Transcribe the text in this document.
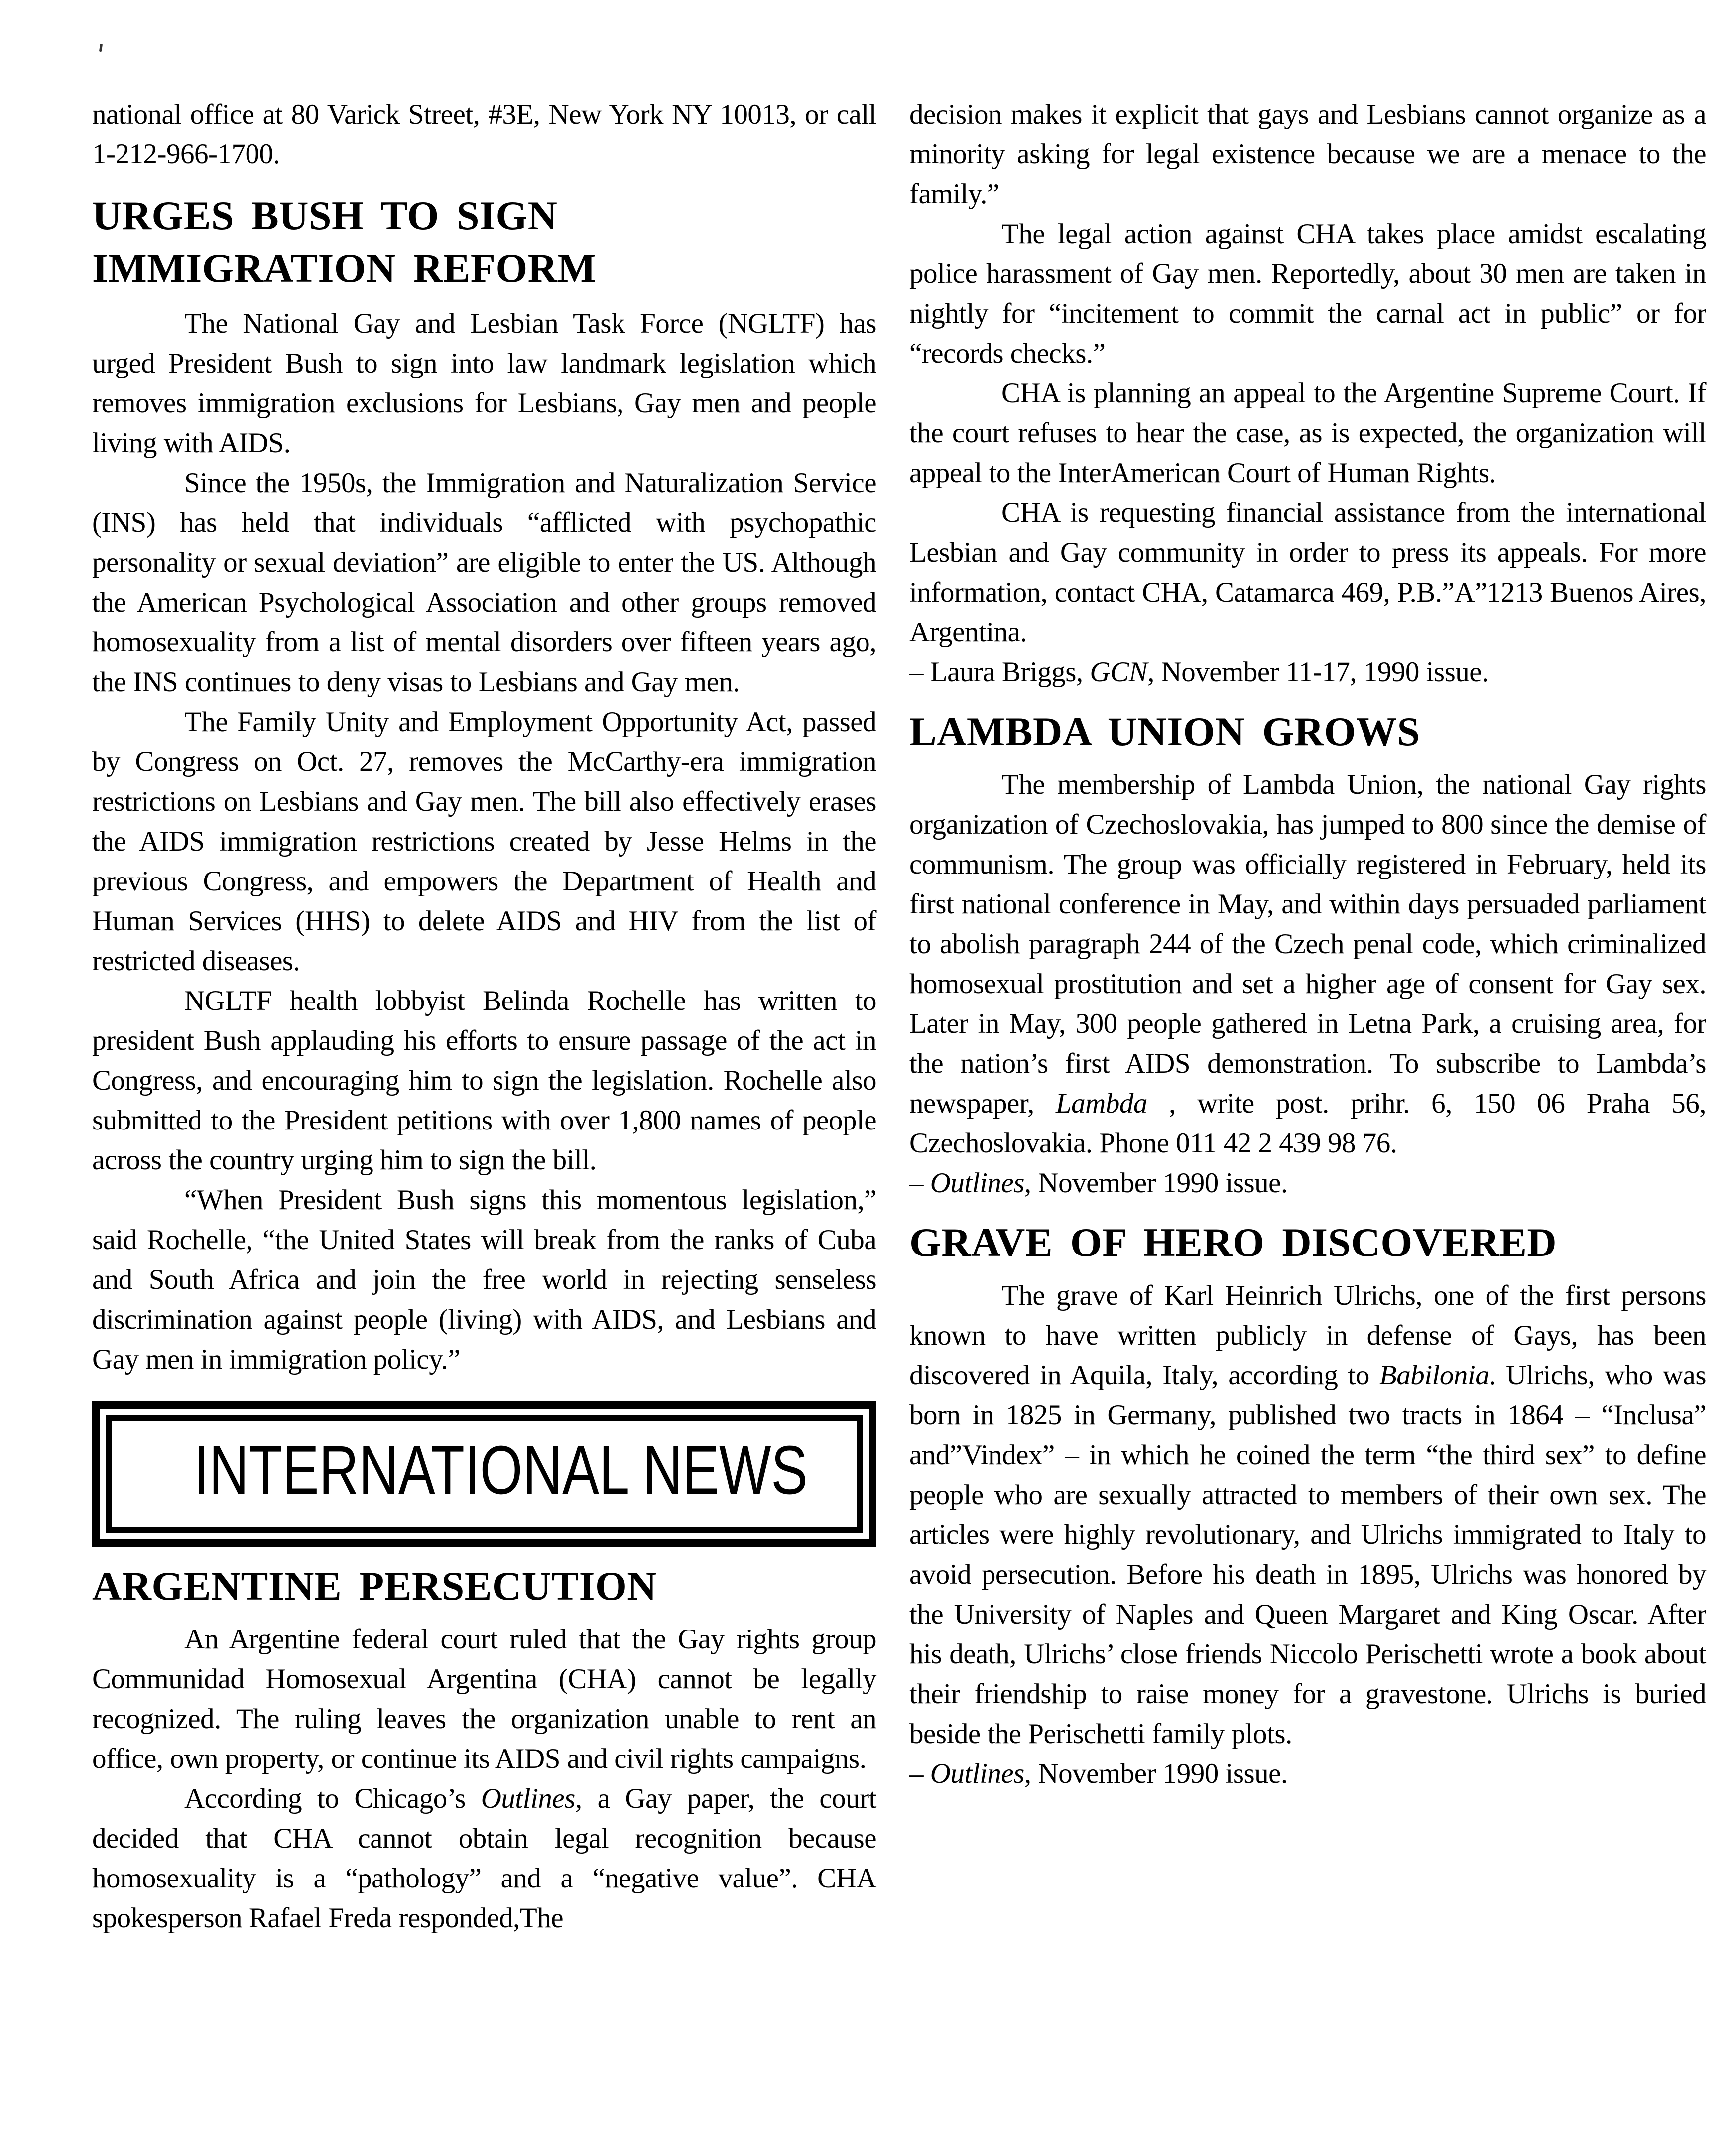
national office at 80 Varick Street, #3E, New York NY 10013, or call 1-212-966-1700.

URGES BUSH TO SIGN
IMMIGRATION REFORM

The National Gay and Lesbian Task Force (NGLTF) has urged President Bush to sign into law landmark legislation which removes immigration exclusions for Lesbians, Gay men and people living with AIDS.

Since the 1950s, the Immigration and Naturalization Service (INS) has held that individuals “afflicted with psychopathic personality or sexual deviation” are eligible to enter the US. Although the American Psychological Association and other groups removed homosexuality from a list of mental disorders over fifteen years ago, the INS continues to deny visas to Lesbians and Gay men.

The Family Unity and Employment Opportunity Act, passed by Congress on Oct. 27, removes the McCarthy-era immigration restrictions on Lesbians and Gay men. The bill also effectively erases the AIDS immigration restrictions created by Jesse Helms in the previous Congress, and empowers the Department of Health and Human Services (HHS) to delete AIDS and HIV from the list of restricted diseases.

NGLTF health lobbyist Belinda Rochelle has written to president Bush applauding his efforts to ensure passage of the act in Congress, and encouraging him to sign the legislation. Rochelle also submitted to the President petitions with over 1,800 names of people across the country urging him to sign the bill.

“When President Bush signs this momentous legislation,” said Rochelle, “the United States will break from the ranks of Cuba and South Africa and join the free world in rejecting senseless discrimination against people (living) with AIDS, and Lesbians and Gay men in immigration policy.”

INTERNATIONAL NEWS
ARGENTINE PERSECUTION

An Argentine federal court ruled that the Gay rights group Communidad Homosexual Argentina (CHA) cannot be legally recognized. The ruling leaves the organization unable to rent an office, own property, or continue its AIDS and civil rights campaigns.

According to Chicago’s Outlines, a Gay paper, the court decided that CHA cannot obtain legal recognition because homosexuality is a “pathology” and a “negative value”. CHA spokesperson Rafael Freda responded,The

decision makes it explicit that gays and Lesbians cannot organize as a minority asking for legal existence because we are a menace to the family.”

The legal action against CHA takes place amidst escalating police harassment of Gay men. Reportedly, about 30 men are taken in nightly for “incitement to commit the carnal act in public” or for “records checks.”

CHA is planning an appeal to the Argentine Supreme Court. If the court refuses to hear the case, as is expected, the organization will appeal to the InterAmerican Court of Human Rights.

CHA is requesting financial assistance from the international Lesbian and Gay community in order to press its appeals. For more information, contact CHA, Catamarca 469, P.B.”A”1213 Buenos Aires, Argentina.

– Laura Briggs, GCN, November 11-17, 1990 issue.

LAMBDA UNION GROWS

The membership of Lambda Union, the national Gay rights organization of Czechoslovakia, has jumped to 800 since the demise of communism. The group was officially registered in February, held its first national conference in May, and within days persuaded parliament to abolish paragraph 244 of the Czech penal code, which criminalized homosexual prostitution and set a higher age of consent for Gay sex. Later in May, 300 people gathered in Letna Park, a cruising area, for the nation’s first AIDS demonstration. To subscribe to Lambda’s newspaper, Lambda , write post. prihr. 6, 150 06 Praha 56, Czechoslovakia. Phone 011 42 2 439 98 76.

– Outlines, November 1990 issue.

GRAVE OF HERO DISCOVERED

The grave of Karl Heinrich Ulrichs, one of the first persons known to have written publicly in defense of Gays, has been discovered in Aquila, Italy, according to Babilonia. Ulrichs, who was born in 1825 in Germany, published two tracts in 1864 – “Inclusa” and”Vindex” – in which he coined the term “the third sex” to define people who are sexually attracted to members of their own sex. The articles were highly revolutionary, and Ulrichs immigrated to Italy to avoid persecution. Before his death in 1895, Ulrichs was honored by the University of Naples and Queen Margaret and King Oscar. After his death, Ulrichs’ close friends Niccolo Perischetti wrote a book about their friendship to raise money for a gravestone. Ulrichs is buried beside the Perischetti family plots.

– Outlines, November 1990 issue.
